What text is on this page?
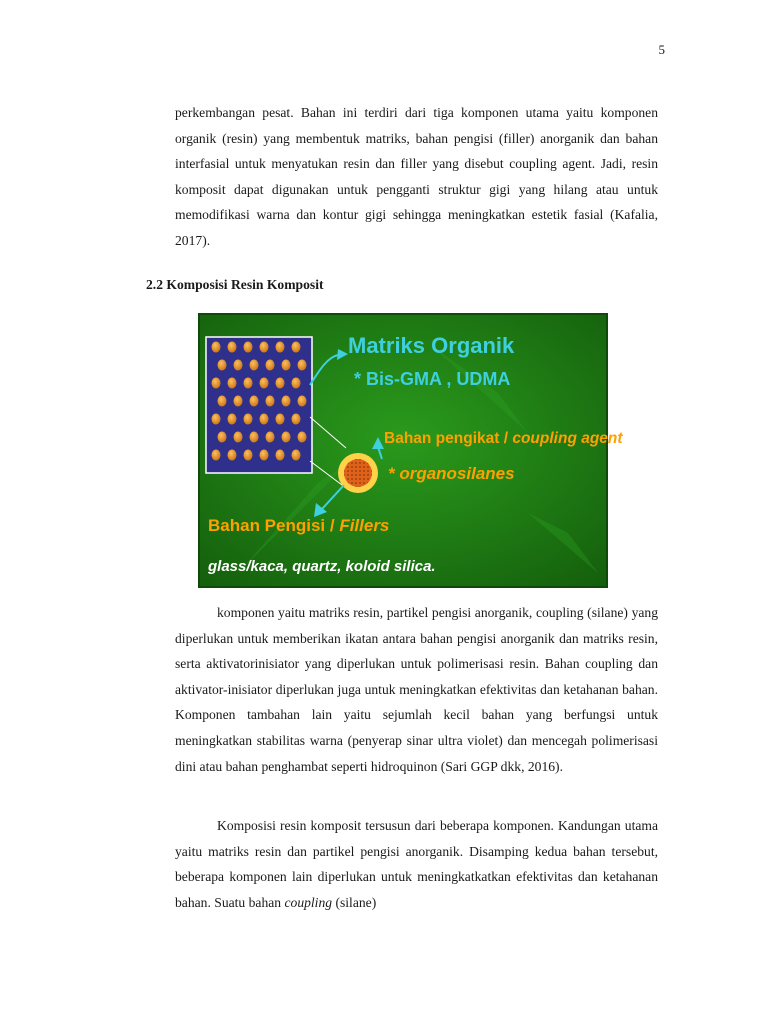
5

perkembangan pesat. Bahan ini terdiri dari tiga komponen utama yaitu komponen organik (resin) yang membentuk matriks, bahan pengisi (filler) anorganik dan bahan interfasial untuk menyatukan resin dan filler yang disebut coupling agent. Jadi, resin komposit dapat digunakan untuk pengganti struktur gigi yang hilang atau untuk memodifikasi warna dan kontur gigi sehingga meningkatkan estetik fasial (Kafalia, 2017).

2.2 Komposisi Resin Komposit
Matriks Organik
* Bis-GMA , UDMA
Bahan pengikat / coupling agent
* organosilanes
Bahan Pengisi / Fillers
glass/kaca, quartz, koloid silica.

komponen yaitu matriks resin, partikel pengisi anorganik, coupling (silane) yang diperlukan untuk memberikan ikatan antara bahan pengisi anorganik dan matriks resin, serta aktivatorinisiator yang diperlukan untuk polimerisasi resin. Bahan coupling dan aktivator-inisiator diperlukan juga untuk meningkatkan efektivitas dan ketahanan bahan. Komponen tambahan lain yaitu sejumlah kecil bahan yang berfungsi untuk meningkatkan stabilitas warna (penyerap sinar ultra violet) dan mencegah polimerisasi dini atau bahan penghambat seperti hidroquinon (Sari GGP dkk, 2016).

Komposisi resin komposit tersusun dari beberapa komponen. Kandungan utama yaitu matriks resin dan partikel pengisi anorganik. Disamping kedua bahan tersebut, beberapa komponen lain diperlukan untuk meningkatkatkan efektivitas dan ketahanan bahan. Suatu bahan coupling (silane)
